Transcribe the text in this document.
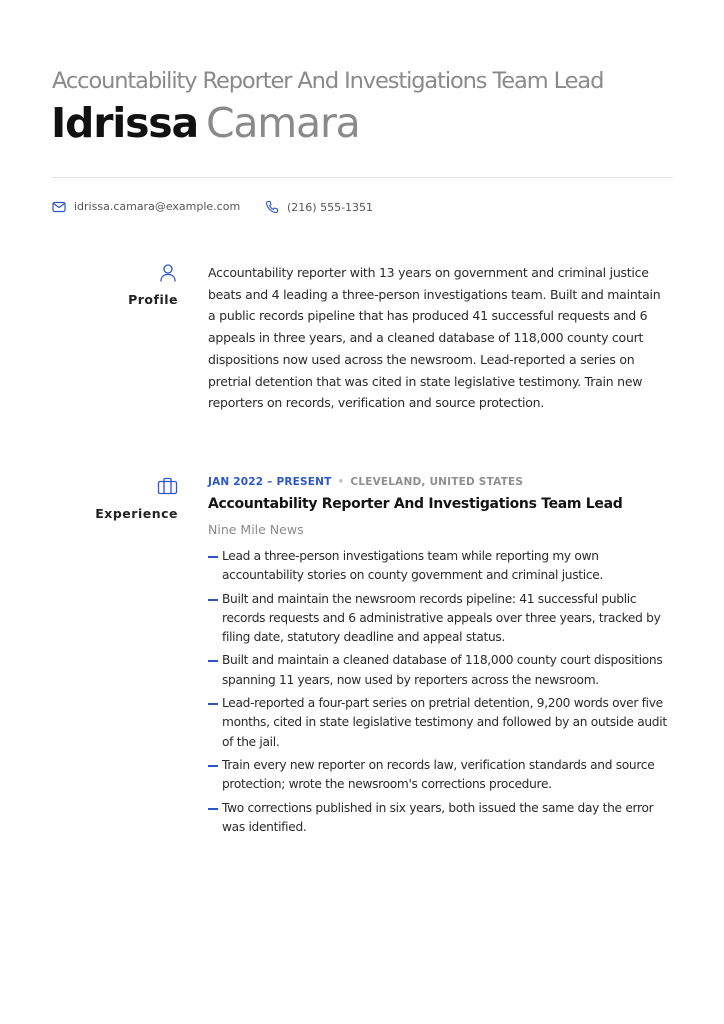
Accountability Reporter And Investigations Team Lead
Idrissa Camara
idrissa.camara@example.com	(216) 555-1351
Profile

Accountability reporter with 13 years on government and criminal justice beats and 4 leading a three-person investigations team. Built and maintain a public records pipeline that has produced 41 successful requests and 6 appeals in three years, and a cleaned database of 118,000 county court dispositions now used across the newsroom. Lead-reported a series on pretrial detention that was cited in state legislative testimony. Train new reporters on records, verification and source protection.

Experience
JAN 2022 – PRESENT • CLEVELAND, UNITED STATES
Accountability Reporter And Investigations Team Lead
Nine Mile News
Lead a three-person investigations team while reporting my own accountability stories on county government and criminal justice.
Built and maintain the newsroom records pipeline: 41 successful public records requests and 6 administrative appeals over three years, tracked by filing date, statutory deadline and appeal status.
Built and maintain a cleaned database of 118,000 county court dispositions spanning 11 years, now used by reporters across the newsroom.
Lead-reported a four-part series on pretrial detention, 9,200 words over five months, cited in state legislative testimony and followed by an outside audit of the jail.
Train every new reporter on records law, verification standards and source protection; wrote the newsroom's corrections procedure.
Two corrections published in six years, both issued the same day the error was identified.
